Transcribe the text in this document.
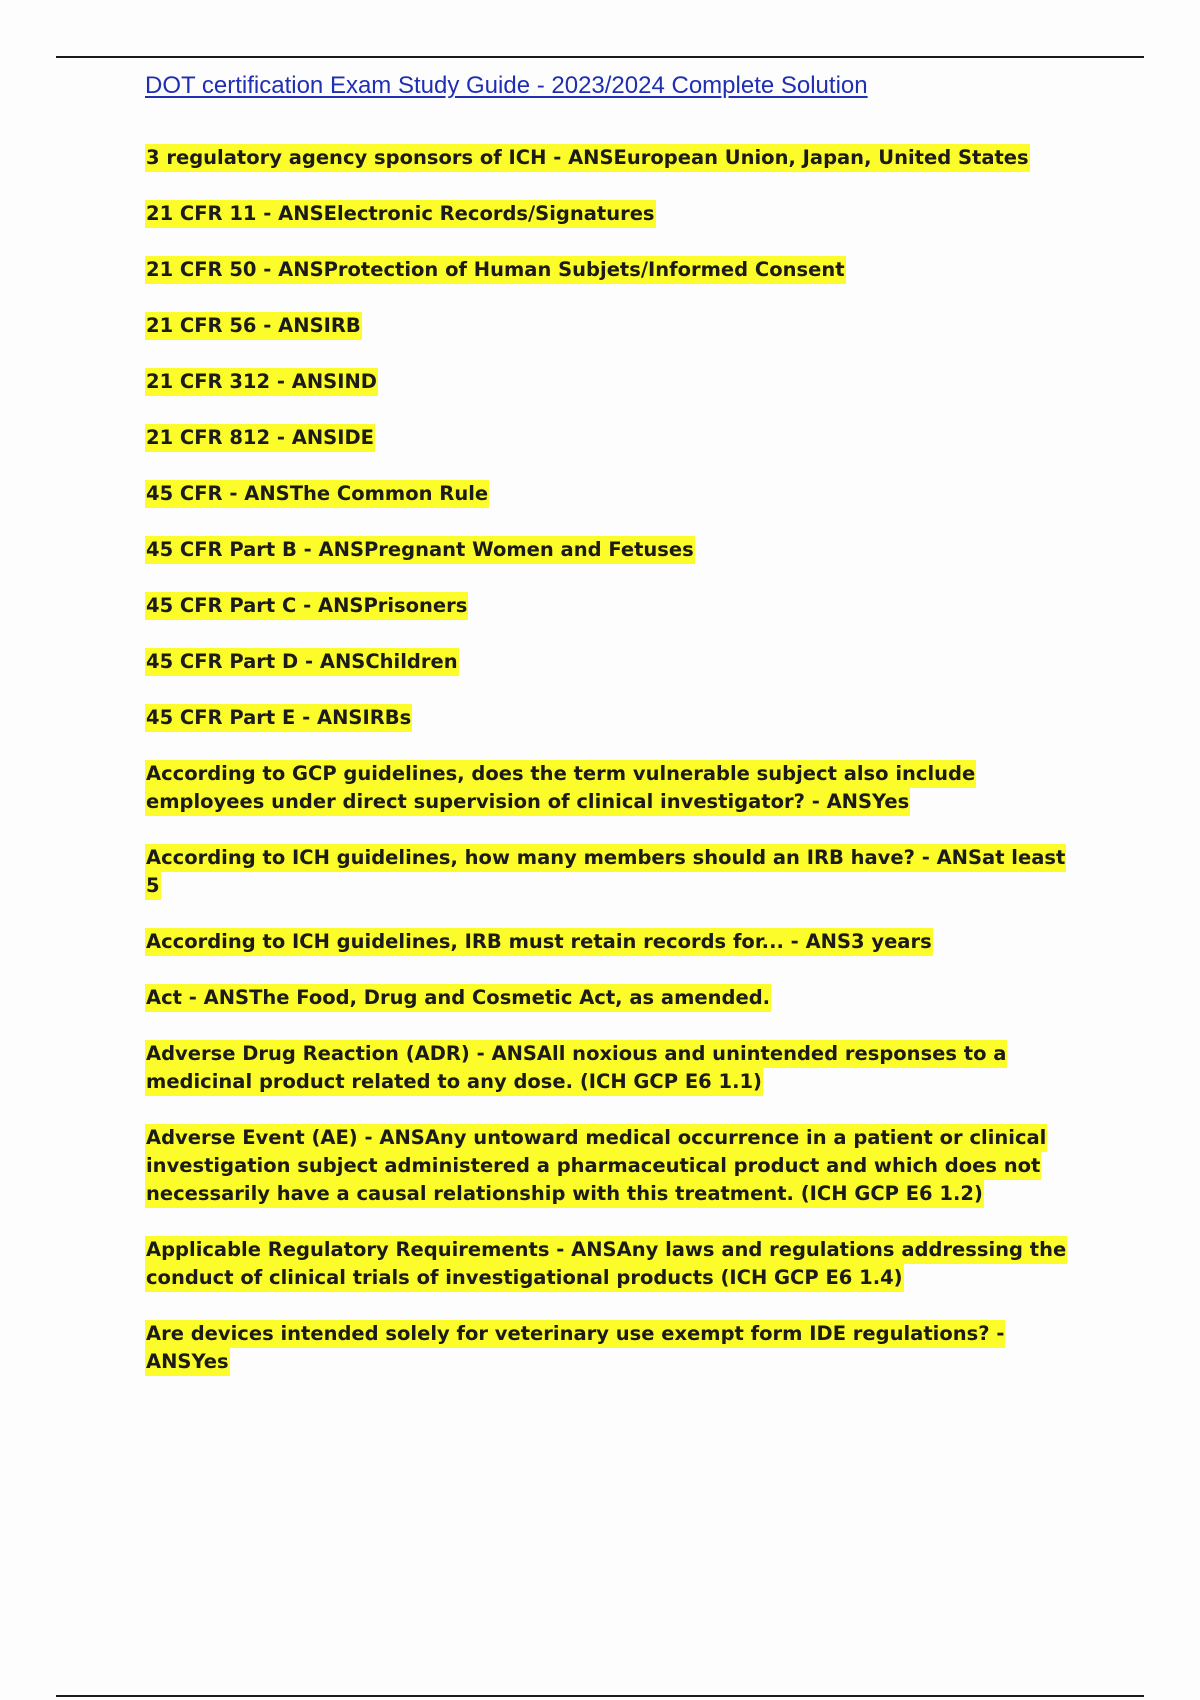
DOT certification Exam Study Guide - 2023/2024 Complete Solution
3 regulatory agency sponsors of ICH - ANSEuropean Union, Japan, United States
21 CFR 11 - ANSElectronic Records/Signatures
21 CFR 50 - ANSProtection of Human Subjets/Informed Consent
21 CFR 56 - ANSIRB
21 CFR 312 - ANSIND
21 CFR 812 - ANSIDE
45 CFR - ANSThe Common Rule
45 CFR Part B - ANSPregnant Women and Fetuses
45 CFR Part C - ANSPrisoners
45 CFR Part D - ANSChildren
45 CFR Part E - ANSIRBs
According to GCP guidelines, does the term vulnerable subject also include employees under direct supervision of clinical investigator? - ANSYes
According to ICH guidelines, how many members should an IRB have? - ANSat least 5
According to ICH guidelines, IRB must retain records for... - ANS3 years
Act - ANSThe Food, Drug and Cosmetic Act, as amended.
Adverse Drug Reaction (ADR) - ANSAll noxious and unintended responses to a medicinal product related to any dose. (ICH GCP E6 1.1)
Adverse Event (AE) - ANSAny untoward medical occurrence in a patient or clinical investigation subject administered a pharmaceutical product and which does not necessarily have a causal relationship with this treatment. (ICH GCP E6 1.2)
Applicable Regulatory Requirements - ANSAny laws and regulations addressing the conduct of clinical trials of investigational products (ICH GCP E6 1.4)
Are devices intended solely for veterinary use exempt form IDE regulations? - ANSYes
